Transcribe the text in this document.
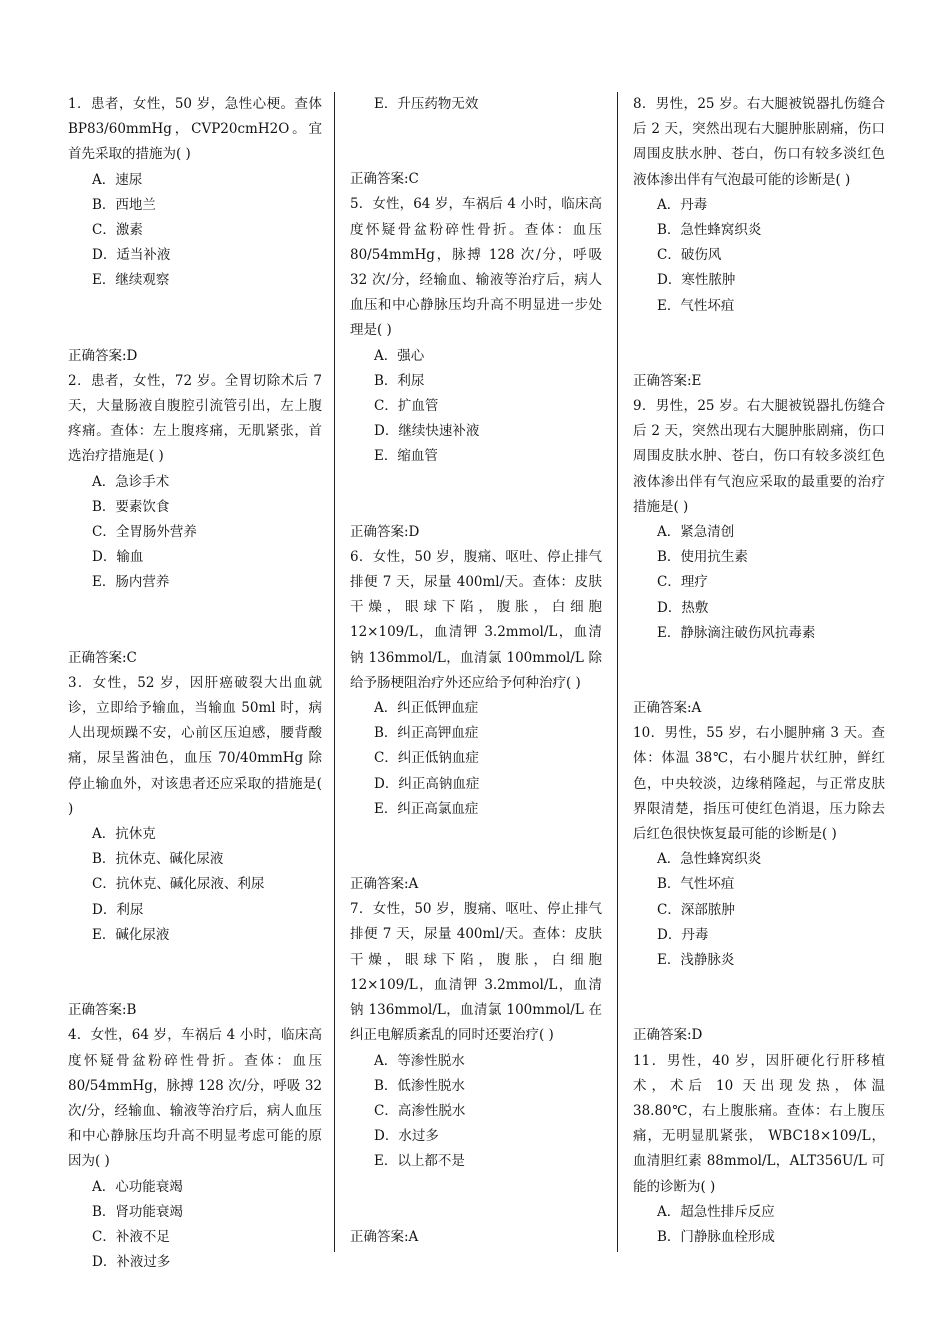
1．患者，女性，50 岁，急性心梗。查体 BP83/60mmHg，CVP20cmH2O。宜首先采取的措施为( )

A．速尿

B．西地兰

C．激素

D．适当补液

E．继续观察

正确答案:D

2．患者，女性，72 岁。全胃切除术后 7 天，大量肠液自腹腔引流管引出，左上腹疼痛。查体：左上腹疼痛，无肌紧张，首选治疗措施是( )

A．急诊手术

B．要素饮食

C．全胃肠外营养

D．输血

E．肠内营养

正确答案:C

3．女性，52 岁，因肝癌破裂大出血就诊，立即给予输血，当输血 50ml 时，病人出现烦躁不安，心前区压迫感，腰背酸痛，尿呈酱油色，血压 70/40mmHg 除停止输血外，对该患者还应采取的措施是( )

A．抗休克

B．抗休克、碱化尿液

C．抗休克、碱化尿液、利尿

D．利尿

E．碱化尿液

正确答案:B

4．女性，64 岁，车祸后 4 小时，临床高度怀疑骨盆粉碎性骨折。查体：血压 80/54mmHg，脉搏 128 次/分，呼吸 32 次/分，经输血、输液等治疗后，病人血压和中心静脉压均升高不明显考虑可能的原因为( )

A．心功能衰竭

B．肾功能衰竭

C．补液不足

D．补液过多

E．升压药物无效

正确答案:C

5．女性，64 岁，车祸后 4 小时，临床高度怀疑骨盆粉碎性骨折。查体：血压 80/54mmHg，脉搏 128 次/分，呼吸 32 次/分，经输血、输液等治疗后，病人血压和中心静脉压均升高不明显进一步处理是( )

A．强心

B．利尿

C．扩血管

D．继续快速补液

E．缩血管

正确答案:D

6．女性，50 岁，腹痛、呕吐、停止排气排便 7 天，尿量 400ml/天。查体：皮肤干燥，眼球下陷，腹胀，白细胞 12×109/L，血清钾 3.2mmol/L，血清钠 136mmol/L，血清氯 100mmol/L 除给予肠梗阻治疗外还应给予何种治疗( )

A．纠正低钾血症

B．纠正高钾血症

C．纠正低钠血症

D．纠正高钠血症

E．纠正高氯血症

正确答案:A

7．女性，50 岁，腹痛、呕吐、停止排气排便 7 天，尿量 400ml/天。查体：皮肤干燥，眼球下陷，腹胀，白细胞 12×109/L，血清钾 3.2mmol/L，血清钠 136mmol/L，血清氯 100mmol/L 在纠正电解质紊乱的同时还要治疗( )

A．等渗性脱水

B．低渗性脱水

C．高渗性脱水

D．水过多

E．以上都不是

正确答案:A

8．男性，25 岁。右大腿被锐器扎伤缝合后 2 天，突然出现右大腿肿胀剧痛，伤口周围皮肤水肿、苍白，伤口有较多淡红色液体渗出伴有气泡最可能的诊断是( )

A．丹毒

B．急性蜂窝织炎

C．破伤风

D．寒性脓肿

E．气性坏疽

正确答案:E

9．男性，25 岁。右大腿被锐器扎伤缝合后 2 天，突然出现右大腿肿胀剧痛，伤口周围皮肤水肿、苍白，伤口有较多淡红色液体渗出伴有气泡应采取的最重要的治疗措施是( )

A．紧急清创

B．使用抗生素

C．理疗

D．热敷

E．静脉滴注破伤风抗毒素

正确答案:A

10．男性，55 岁，右小腿肿痛 3 天。查体：体温 38℃，右小腿片状红肿，鲜红色，中央较淡，边缘稍隆起，与正常皮肤界限清楚，指压可使红色消退，压力除去后红色很快恢复最可能的诊断是( )

A．急性蜂窝织炎

B．气性坏疽

C．深部脓肿

D．丹毒

E．浅静脉炎

正确答案:D

11．男性，40 岁，因肝硬化行肝移植术，术后 10 天出现发热，体温 38.80℃，右上腹胀痛。查体：右上腹压痛，无明显肌紧张， WBC18×109/L， 血清胆红素 88mmol/L，ALT356U/L 可能的诊断为( )

A．超急性排斥反应

B．门静脉血栓形成
